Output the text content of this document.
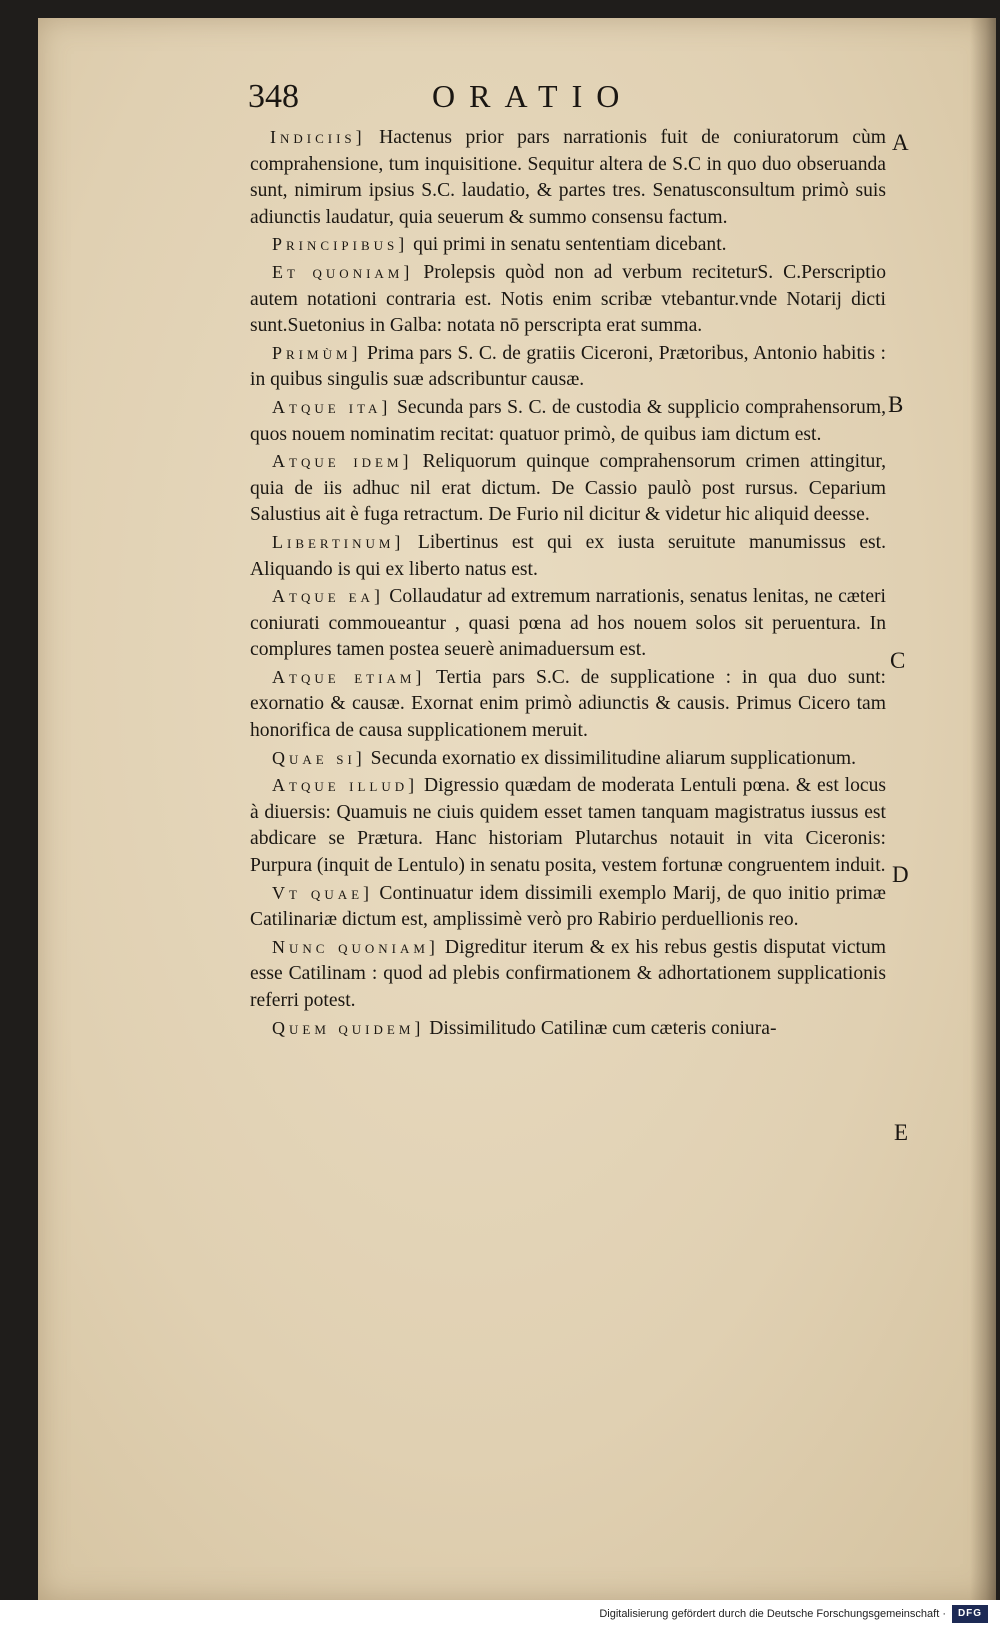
348	ORATIO

Indiciis] Hactenus prior pars narrationis fuit de coniuratorum cùm comprahensione, tum inquisitione. Sequitur altera de S.C in quo duo obseruanda sunt, nimirum ipsius S.C. laudatio, & partes tres. Senatusconsultum primò suis adiunctis laudatur, quia seuerum & summo consensu factum.

Principibus] qui primi in senatu sententiam dicebant.

Et quoniam] Prolepsis quòd non ad verbum reciteturS. C.Perscriptio autem notationi contraria est. Notis enim scribæ vtebantur.vnde Notarij dicti sunt.Suetonius in Galba: notata nō perscripta erat summa.

Primùm] Prima pars S. C. de gratiis Ciceroni, Prætoribus, Antonio habitis : in quibus singulis suæ adscribuntur causæ.

Atque ita] Secunda pars S. C. de custodia & supplicio comprahensorum, quos nouem nominatim recitat: quatuor primò, de quibus iam dictum est.

Atque idem] Reliquorum quinque comprahensorum crimen attingitur, quia de iis adhuc nil erat dictum. De Cassio paulò post rursus. Ceparium Salustius ait è fuga retractum. De Furio nil dicitur & videtur hic aliquid deesse.

Libertinum] Libertinus est qui ex iusta seruitute manumissus est. Aliquando is qui ex liberto natus est.

Atque ea] Collaudatur ad extremum narrationis, senatus lenitas, ne cæteri coniurati commoueantur , quasi pœna ad hos nouem solos sit peruentura. In complures tamen postea seuerè animaduersum est.

Atque etiam] Tertia pars S.C. de supplicatione : in qua duo sunt: exornatio & causæ. Exornat enim primò adiunctis & causis. Primus Cicero tam honorifica de causa supplicationem meruit.

Quae si] Secunda exornatio ex dissimilitudine aliarum supplicationum.

Atque illud] Digressio quædam de moderata Lentuli pœna. & est locus à diuersis: Quamuis ne ciuis quidem esset tamen tanquam magistratus iussus est abdicare se Prætura. Hanc historiam Plutarchus notauit in vita Ciceronis: Purpura (inquit de Lentulo) in senatu posita, vestem fortunæ congruentem induit.

Vt quae] Continuatur idem dissimili exemplo Marij, de quo initio primæ Catilinariæ dictum est, amplissimè verò pro Rabirio perduellionis reo.

Nunc quoniam] Digreditur iterum & ex his rebus gestis disputat victum esse Catilinam : quod ad plebis confirmationem & adhortationem supplicationis referri potest.

Quem quidem] Dissimilitudo Catilinæ cum cæteris coniura-

A
B
C
D
E
Digitalisierung gefördert durch die Deutsche Forschungsgemeinschaft ·	DFG
